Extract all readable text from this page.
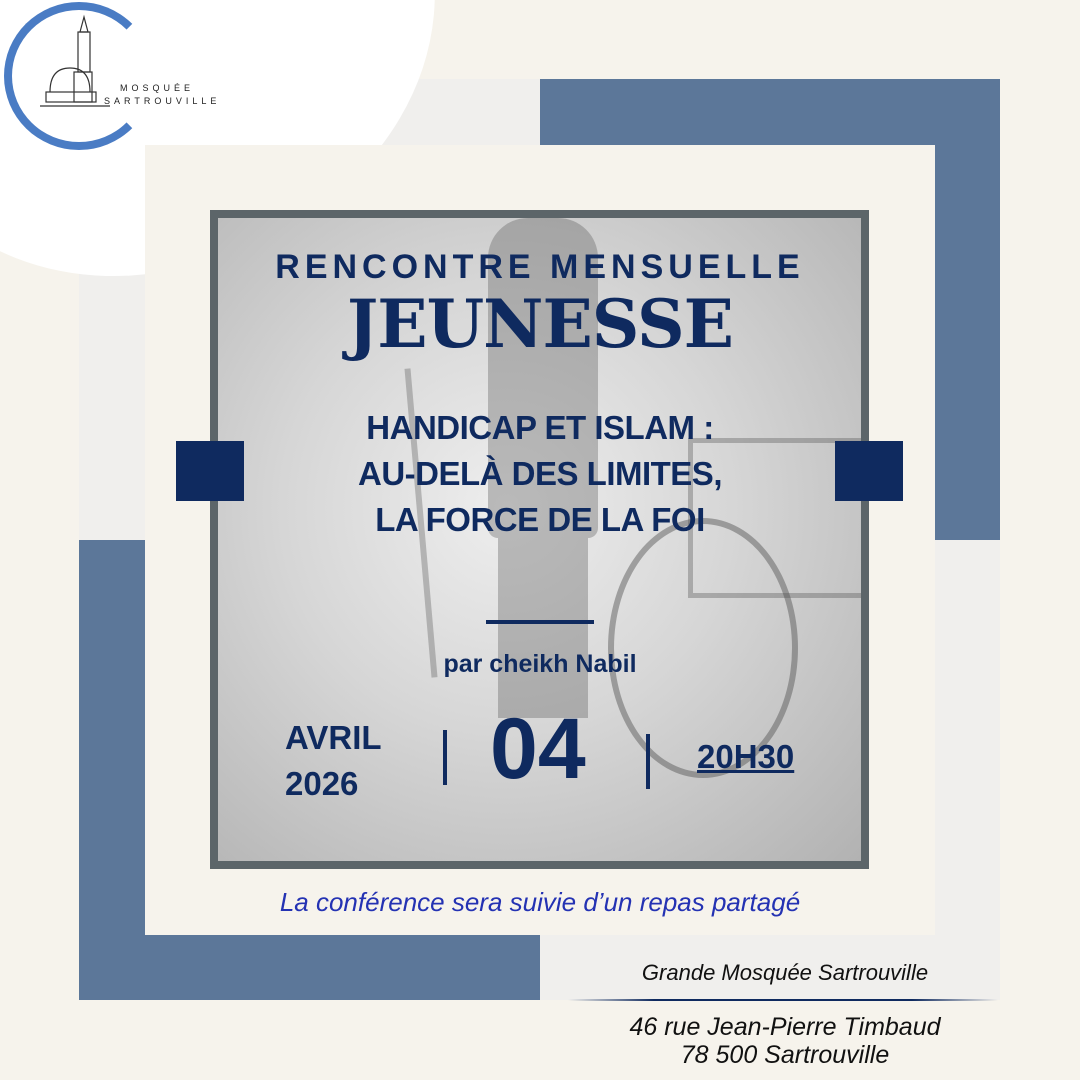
MOSQUÉE
SARTROUVILLE
RENCONTRE MENSUELLE
JEUNESSE
HANDICAP ET ISLAM :
AU-DELÀ DES LIMITES,
LA FORCE DE LA FOI
par cheikh Nabil
AVRIL
2026 04	20H30
La conférence sera suivie d’un repas partagé
Grande Mosquée Sartrouville
46 rue Jean-Pierre Timbaud
78 500 Sartrouville
